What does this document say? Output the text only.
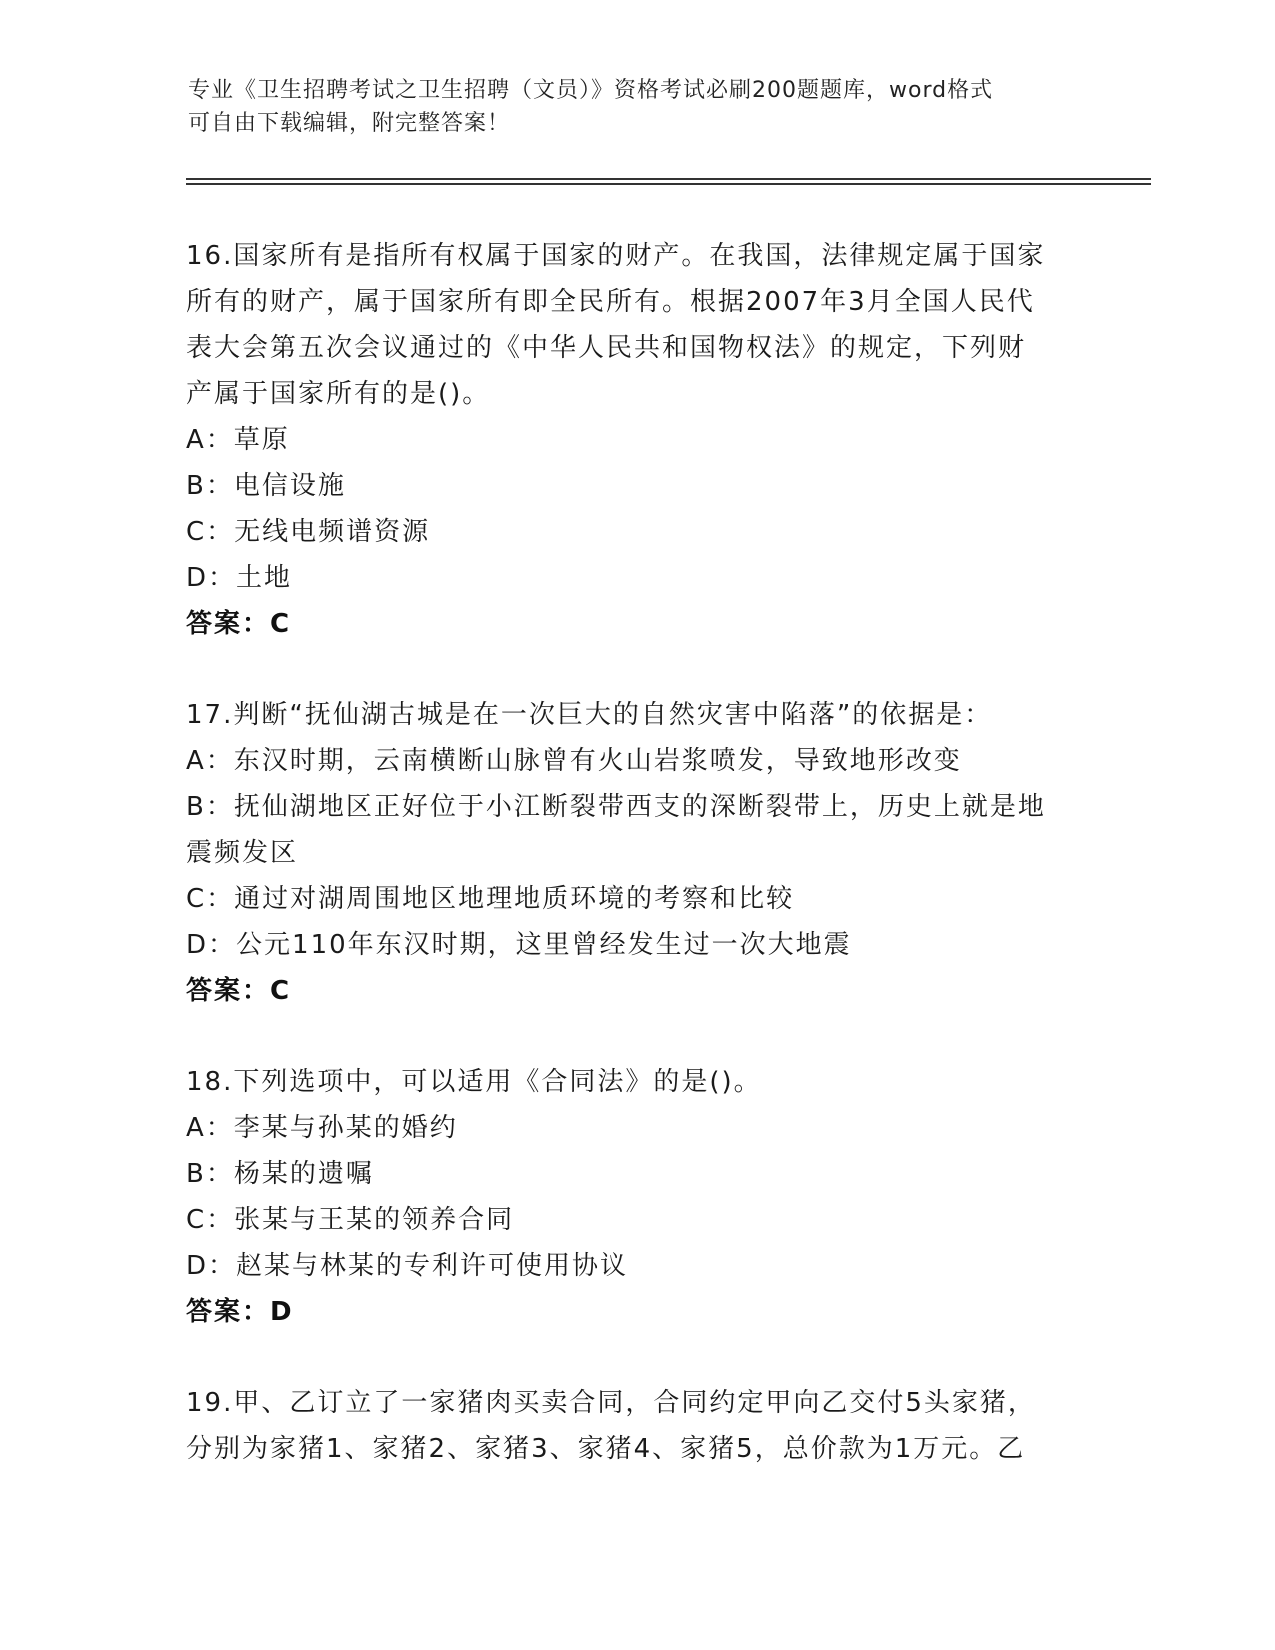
专业《卫生招聘考试之卫生招聘（文员）》资格考试必刷200题题库，word格式
可自由下载编辑，附完整答案！
16.国家所有是指所有权属于国家的财产。在我国，法律规定属于国家
所有的财产，属于国家所有即全民所有。根据2007年3月全国人民代
表大会第五次会议通过的《中华人民共和国物权法》的规定，下列财
产属于国家所有的是()。
A：草原
B：电信设施
C：无线电频谱资源
D：土地
答案：C
17.判断“抚仙湖古城是在一次巨大的自然灾害中陷落”的依据是：
A：东汉时期，云南横断山脉曾有火山岩浆喷发，导致地形改变
B：抚仙湖地区正好位于小江断裂带西支的深断裂带上，历史上就是地
震频发区
C：通过对湖周围地区地理地质环境的考察和比较
D：公元110年东汉时期，这里曾经发生过一次大地震
答案：C
18.下列选项中，可以适用《合同法》的是()。
A：李某与孙某的婚约
B：杨某的遗嘱
C：张某与王某的领养合同
D：赵某与林某的专利许可使用协议
答案：D
19.甲、乙订立了一家猪肉买卖合同，合同约定甲向乙交付5头家猪，
分别为家猪1、家猪2、家猪3、家猪4、家猪5，总价款为1万元。乙
